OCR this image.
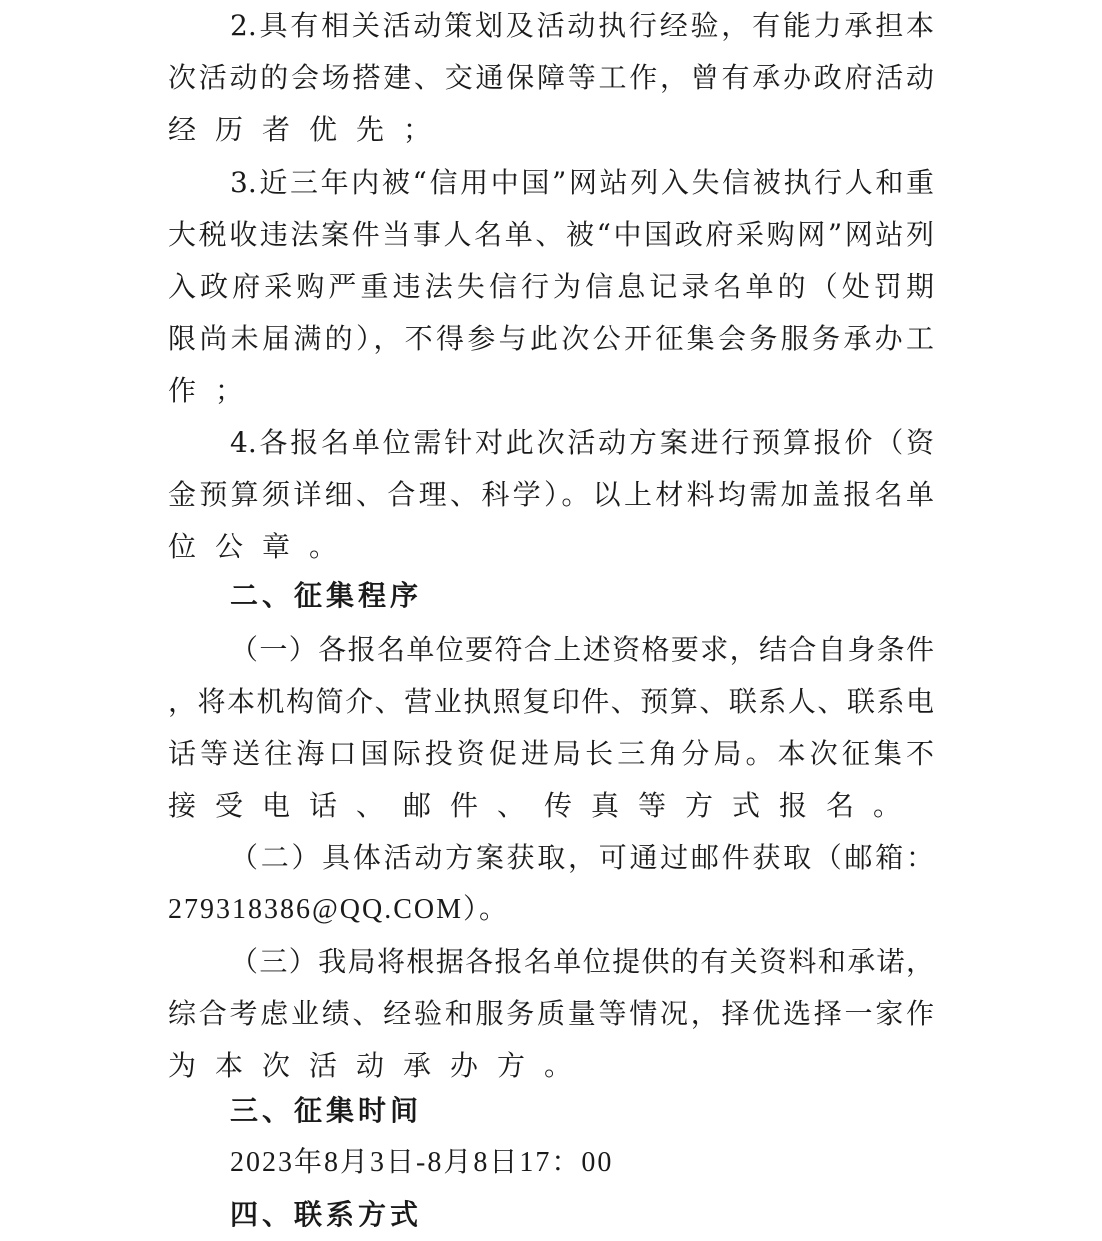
2.具有相关活动策划及活动执行经验，有能力承担本
次活动的会场搭建、交通保障等工作，曾有承办政府活动
经历者优先；
3.近三年内被“信用中国”网站列入失信被执行人和重
大税收违法案件当事人名单、被“中国政府采购网”网站列
入政府采购严重违法失信行为信息记录名单的（处罚期
限尚未届满的），不得参与此次公开征集会务服务承办工
作；
4.各报名单位需针对此次活动方案进行预算报价（资
金预算须详细、合理、科学）。以上材料均需加盖报名单
位公章。
二、征集程序
（一）各报名单位要符合上述资格要求，结合自身条件
，将本机构简介、营业执照复印件、预算、联系人、联系电
话等送往海口国际投资促进局长三角分局。本次征集不
接受电话、邮件、传真等方式报名。
（二）具体活动方案获取，可通过邮件获取（邮箱：
279318386@QQ.COM）。
（三）我局将根据各报名单位提供的有关资料和承诺，
综合考虑业绩、经验和服务质量等情况，择优选择一家作
为本次活动承办方。
三、征集时间
2023年8月3日-8月8日17：00
四、联系方式
